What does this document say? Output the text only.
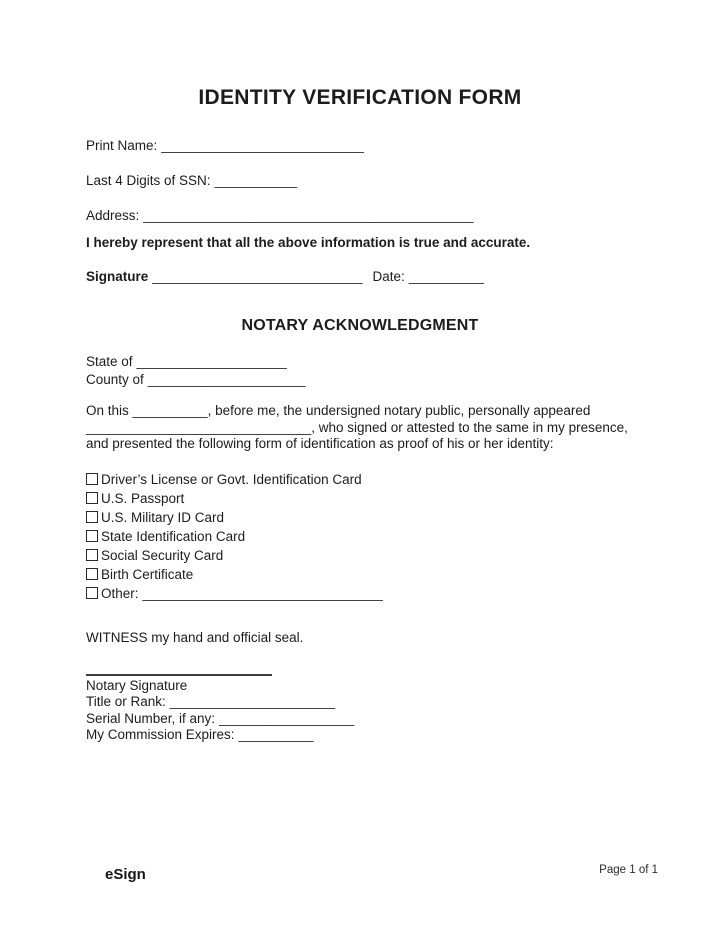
IDENTITY VERIFICATION FORM
Print Name: ___________________________
Last 4 Digits of SSN: ___________
Address: ____________________________________________
I hereby represent that all the above information is true and accurate.
Signature ____________________________ Date: __________
NOTARY ACKNOWLEDGMENT
State of ____________________
County of _____________________
On this __________, before me, the undersigned notary public, personally appeared
______________________________, who signed or attested to the same in my presence, and presented the following form of identification as proof of his or her identity:
Driver’s License or Govt. Identification Card
U.S. Passport
U.S. Military ID Card
State Identification Card
Social Security Card
Birth Certificate
Other: ________________________________
WITNESS my hand and official seal.
Notary Signature
Title or Rank: ______________________
Serial Number, if any: __________________
My Commission Expires: __________
eSign	Page 1 of 1
